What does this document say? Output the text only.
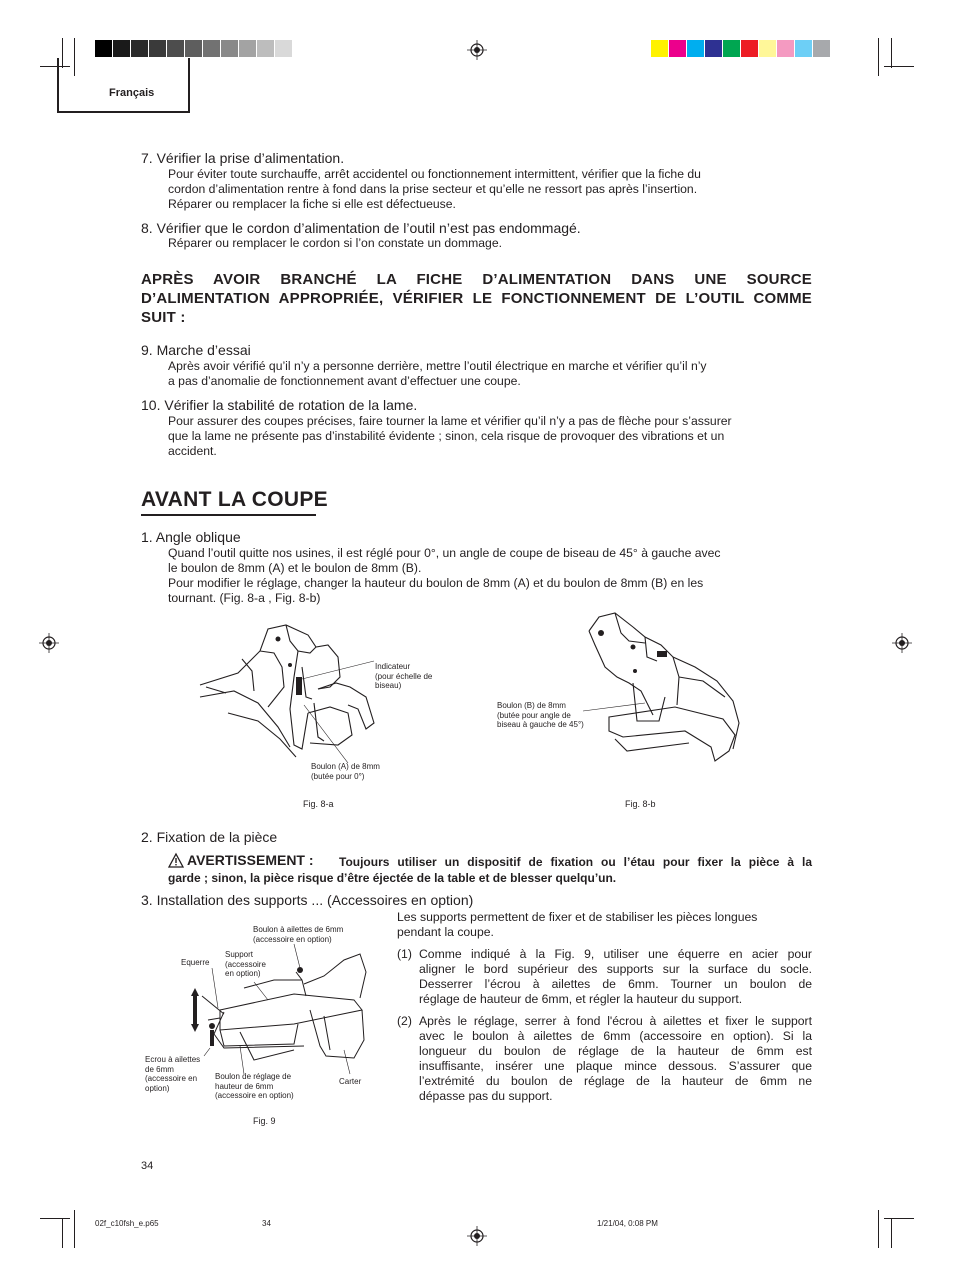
Français
7. Vérifier la prise d’alimentation.
Pour éviter toute surchauffe, arrêt accidentel ou fonctionnement intermittent, vérifier que la fiche du
cordon d’alimentation rentre à fond dans la prise secteur et qu’elle ne ressort pas après l’insertion.
Réparer ou remplacer la fiche si elle est défectueuse.
8. Vérifier que le cordon d’alimentation de l’outil n’est pas endommagé.
Réparer ou remplacer le cordon si l’on constate un dommage.
APRÈS AVOIR BRANCHÉ LA FICHE D’ALIMENTATION DANS UNE SOURCE
D’ALIMENTATION APPROPRIÉE, VÉRIFIER LE FONCTIONNEMENT DE L’OUTIL COMME
SUIT :
9. Marche d’essai
Après avoir vérifié qu’il n’y a personne derrière, mettre l’outil électrique en marche et vérifier qu’il n’y
a pas d’anomalie de fonctionnement avant d’effectuer une coupe.
10. Vérifier la stabilité de rotation de la lame.
Pour assurer des coupes précises, faire tourner la lame et vérifier qu’il n’y a pas de flèche pour s’assurer
que la lame ne présente pas d’instabilité évidente ; sinon, cela risque de provoquer des vibrations et un
accident.
AVANT LA COUPE
1. Angle oblique
Quand l’outil quitte nos usines, il est réglé pour 0°, un angle de coupe de biseau de 45° à gauche avec
le boulon de 8mm (A) et le boulon de 8mm (B).
Pour modifier le réglage, changer la hauteur du boulon de 8mm (A) et du boulon de 8mm (B) en les
tournant. (Fig. 8-a , Fig. 8-b)
Indicateur
(pour échelle de
biseau)
Boulon (A) de 8mm
(butée pour 0°)
Fig. 8-a
Boulon (B) de 8mm
(butée pour angle de
biseau à gauche de 45°)
Fig. 8-b
2. Fixation de la pièce
AVERTISSEMENT : Toujours utiliser un dispositif de fixation ou l’étau pour fixer la pièce à la
garde ; sinon, la pièce risque d’être éjectée de la table et de blesser quelqu’un.
3. Installation des supports ... (Accessoires en option)
Les supports permettent de fixer et de stabiliser les pièces longues
pendant la coupe.
(1) Comme indiqué à la Fig. 9, utiliser une équerre en acier pour
aligner le bord supérieur des supports sur la surface du socle.
Desserrer l’écrou à ailettes de 6mm. Tourner un boulon de
réglage de hauteur de 6mm, et régler la hauteur du support.
(2) Après le réglage, serrer à fond l'écrou à ailettes et fixer le support
avec le boulon à ailettes de 6mm (accessoire en option). Si la
longueur du boulon de réglage de la hauteur de 6mm est
insuffisante, insérer une plaque mince dessous. S’assurer que
l’extrémité du boulon de réglage de la hauteur de 6mm ne
dépasse pas du support.
Boulon à ailettes de 6mm
(accessoire en option)
Equerre
Support
(accessoire
en option)
Ecrou à ailettes
de 6mm
(accessoire en
option)
Boulon de réglage de
hauteur de 6mm
(accessoire en option)
Carter
Fig. 9
34
02f_c10fsh_e.p65	34	1/21/04, 0:08 PM
